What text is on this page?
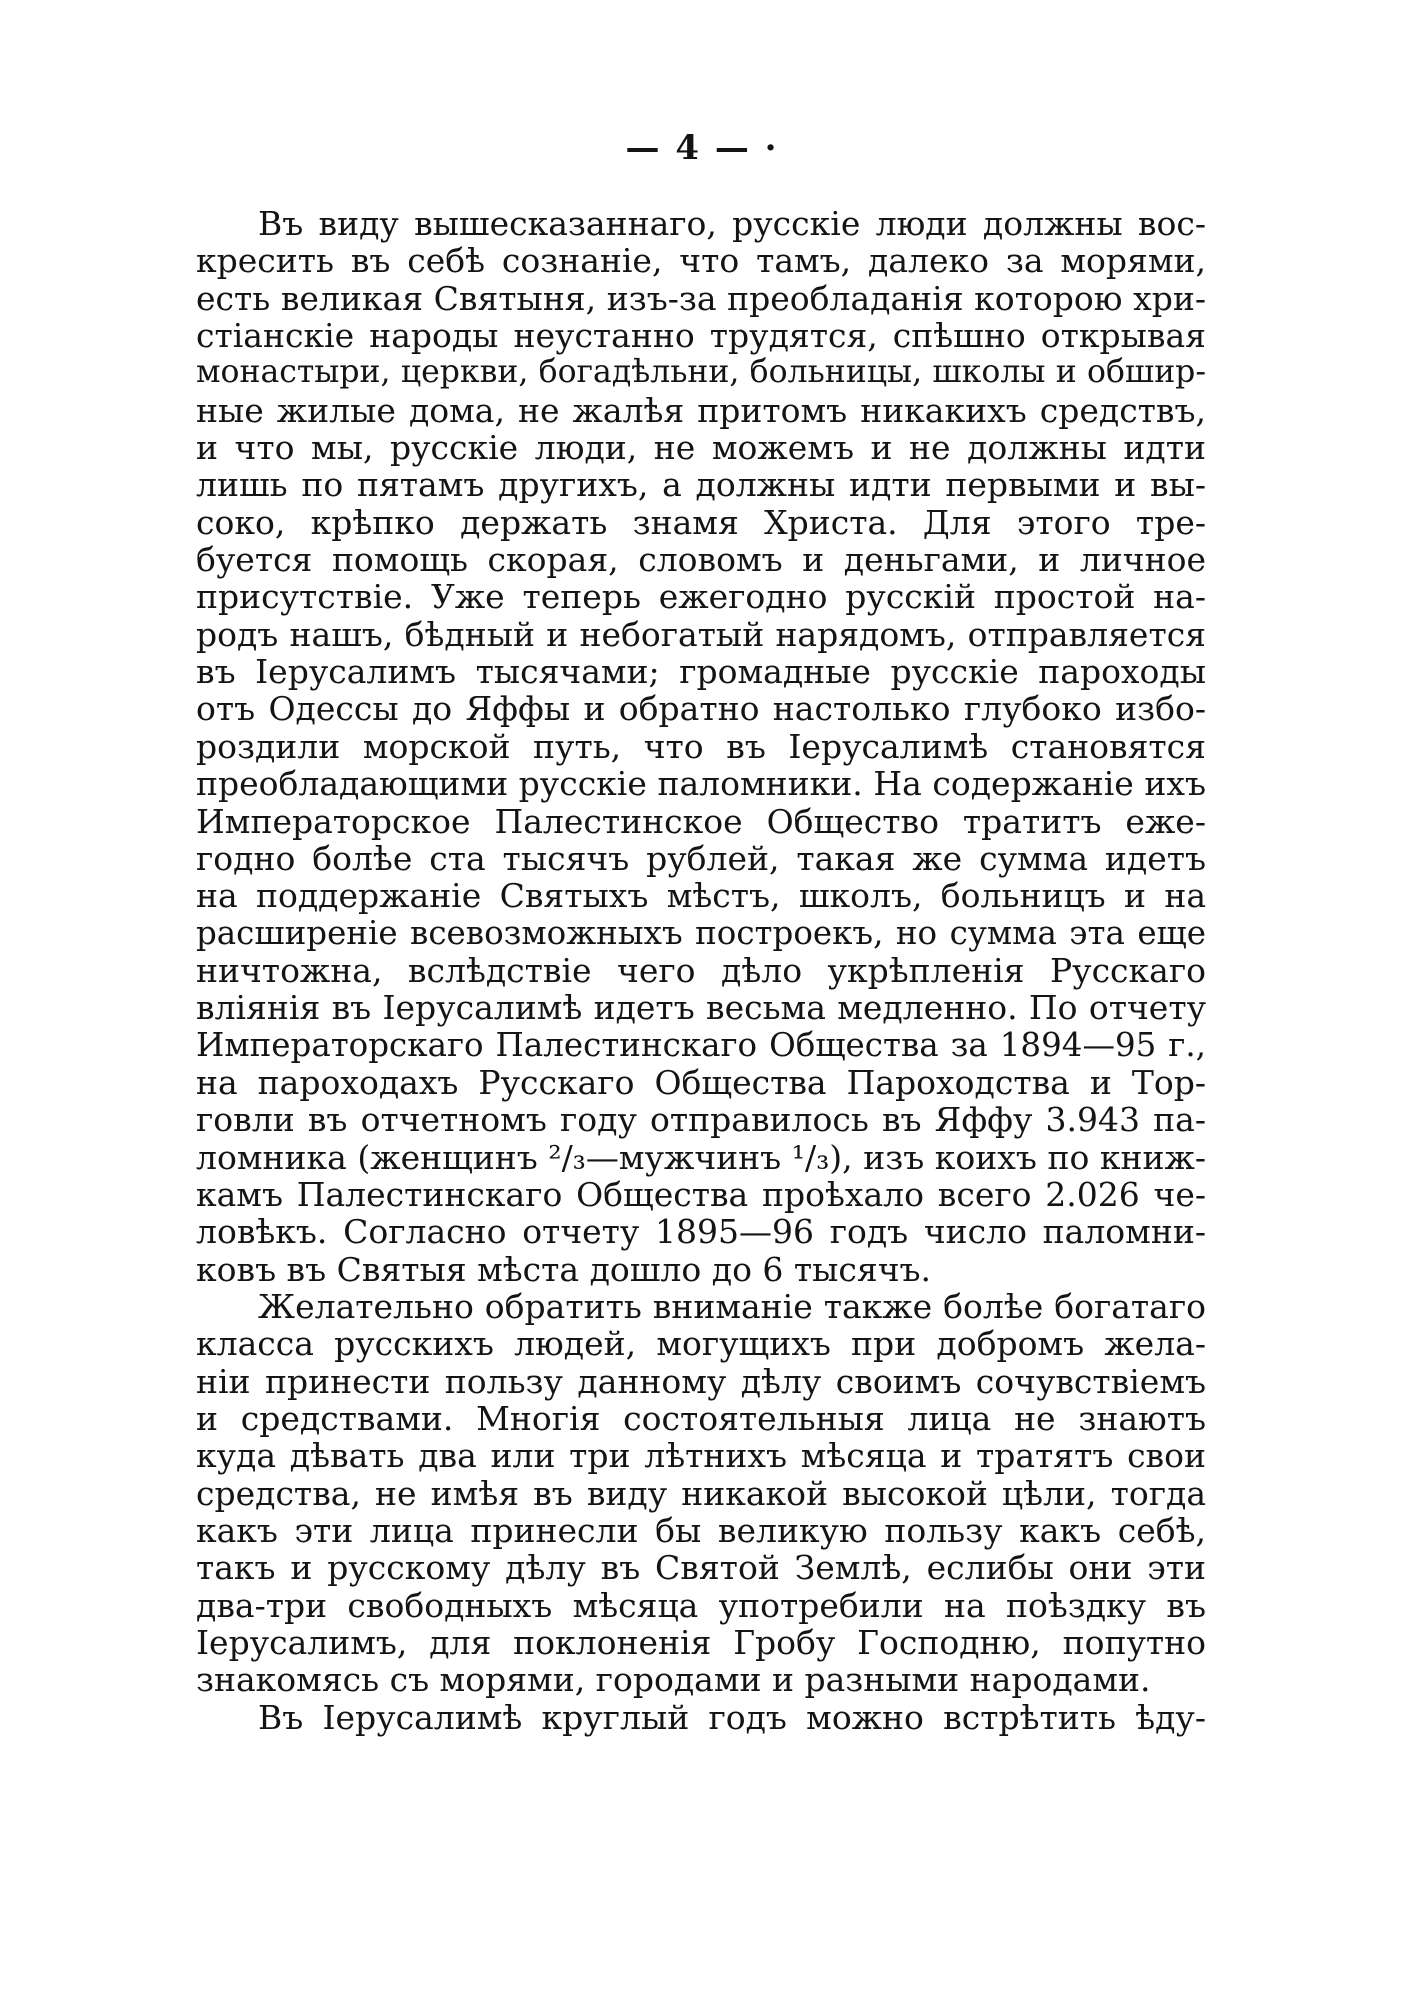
— 4 — ·
Въ виду вышесказаннаго, русскіе люди должны вос-
кресить въ себѣ сознаніе, что тамъ, далеко за морями,
есть великая Святыня, изъ-за преобладанія которою хри-
стіанскіе народы неустанно трудятся, спѣшно открывая
монастыри, церкви, богадѣльни, больницы, школы и обшир-
ные жилые дома, не жалѣя притомъ никакихъ средствъ,
и что мы, русскіе люди, не можемъ и не должны идти
лишь по пятамъ другихъ, а должны идти первыми и вы-
соко, крѣпко держать знамя Христа. Для этого тре-
буется помощь скорая, словомъ и деньгами, и личное
присутствіе. Уже теперь ежегодно русскій простой на-
родъ нашъ, бѣдный и небогатый нарядомъ, отправляется
въ Іерусалимъ тысячами; громадные русскіе пароходы
отъ Одессы до Яффы и обратно настолько глубоко избо-
роздили морской путь, что въ Іерусалимѣ становятся
преобладающими русскіе паломники. На содержаніе ихъ
Императорское Палестинское Общество тратитъ еже-
годно болѣе ста тысячъ рублей, такая же сумма идетъ
на поддержаніе Святыхъ мѣстъ, школъ, больницъ и на
расширеніе всевозможныхъ построекъ, но сумма эта еще
ничтожна, вслѣдствіе чего дѣло укрѣпленія Русскаго
вліянія въ Іерусалимѣ идетъ весьма медленно. По отчету
Императорскаго Палестинскаго Общества за 1894—95 г.,
на пароходахъ Русскаго Общества Пароходства и Тор-
говли въ отчетномъ году отправилось въ Яффу 3.943 па-
ломника (женщинъ ²/₃—мужчинъ ¹/₃), изъ коихъ по книж-
камъ Палестинскаго Общества проѣхало всего 2.026 че-
ловѣкъ. Согласно отчету 1895—96 годъ число паломни-
ковъ въ Святыя мѣста дошло до 6 тысячъ.
Желательно обратить вниманіе также болѣе богатаго
класса русскихъ людей, могущихъ при добромъ жела-
ніи принести пользу данному дѣлу своимъ сочувствіемъ
и средствами. Многія состоятельныя лица не знаютъ
куда дѣвать два или три лѣтнихъ мѣсяца и тратятъ свои
средства, не имѣя въ виду никакой высокой цѣли, тогда
какъ эти лица принесли бы великую пользу какъ себѣ,
такъ и русскому дѣлу въ Святой Землѣ, еслибы они эти
два-три свободныхъ мѣсяца употребили на поѣздку въ
Іерусалимъ, для поклоненія Гробу Господню, попутно
знакомясь съ морями, городами и разными народами.
Въ Іерусалимѣ круглый годъ можно встрѣтить ѣду-
